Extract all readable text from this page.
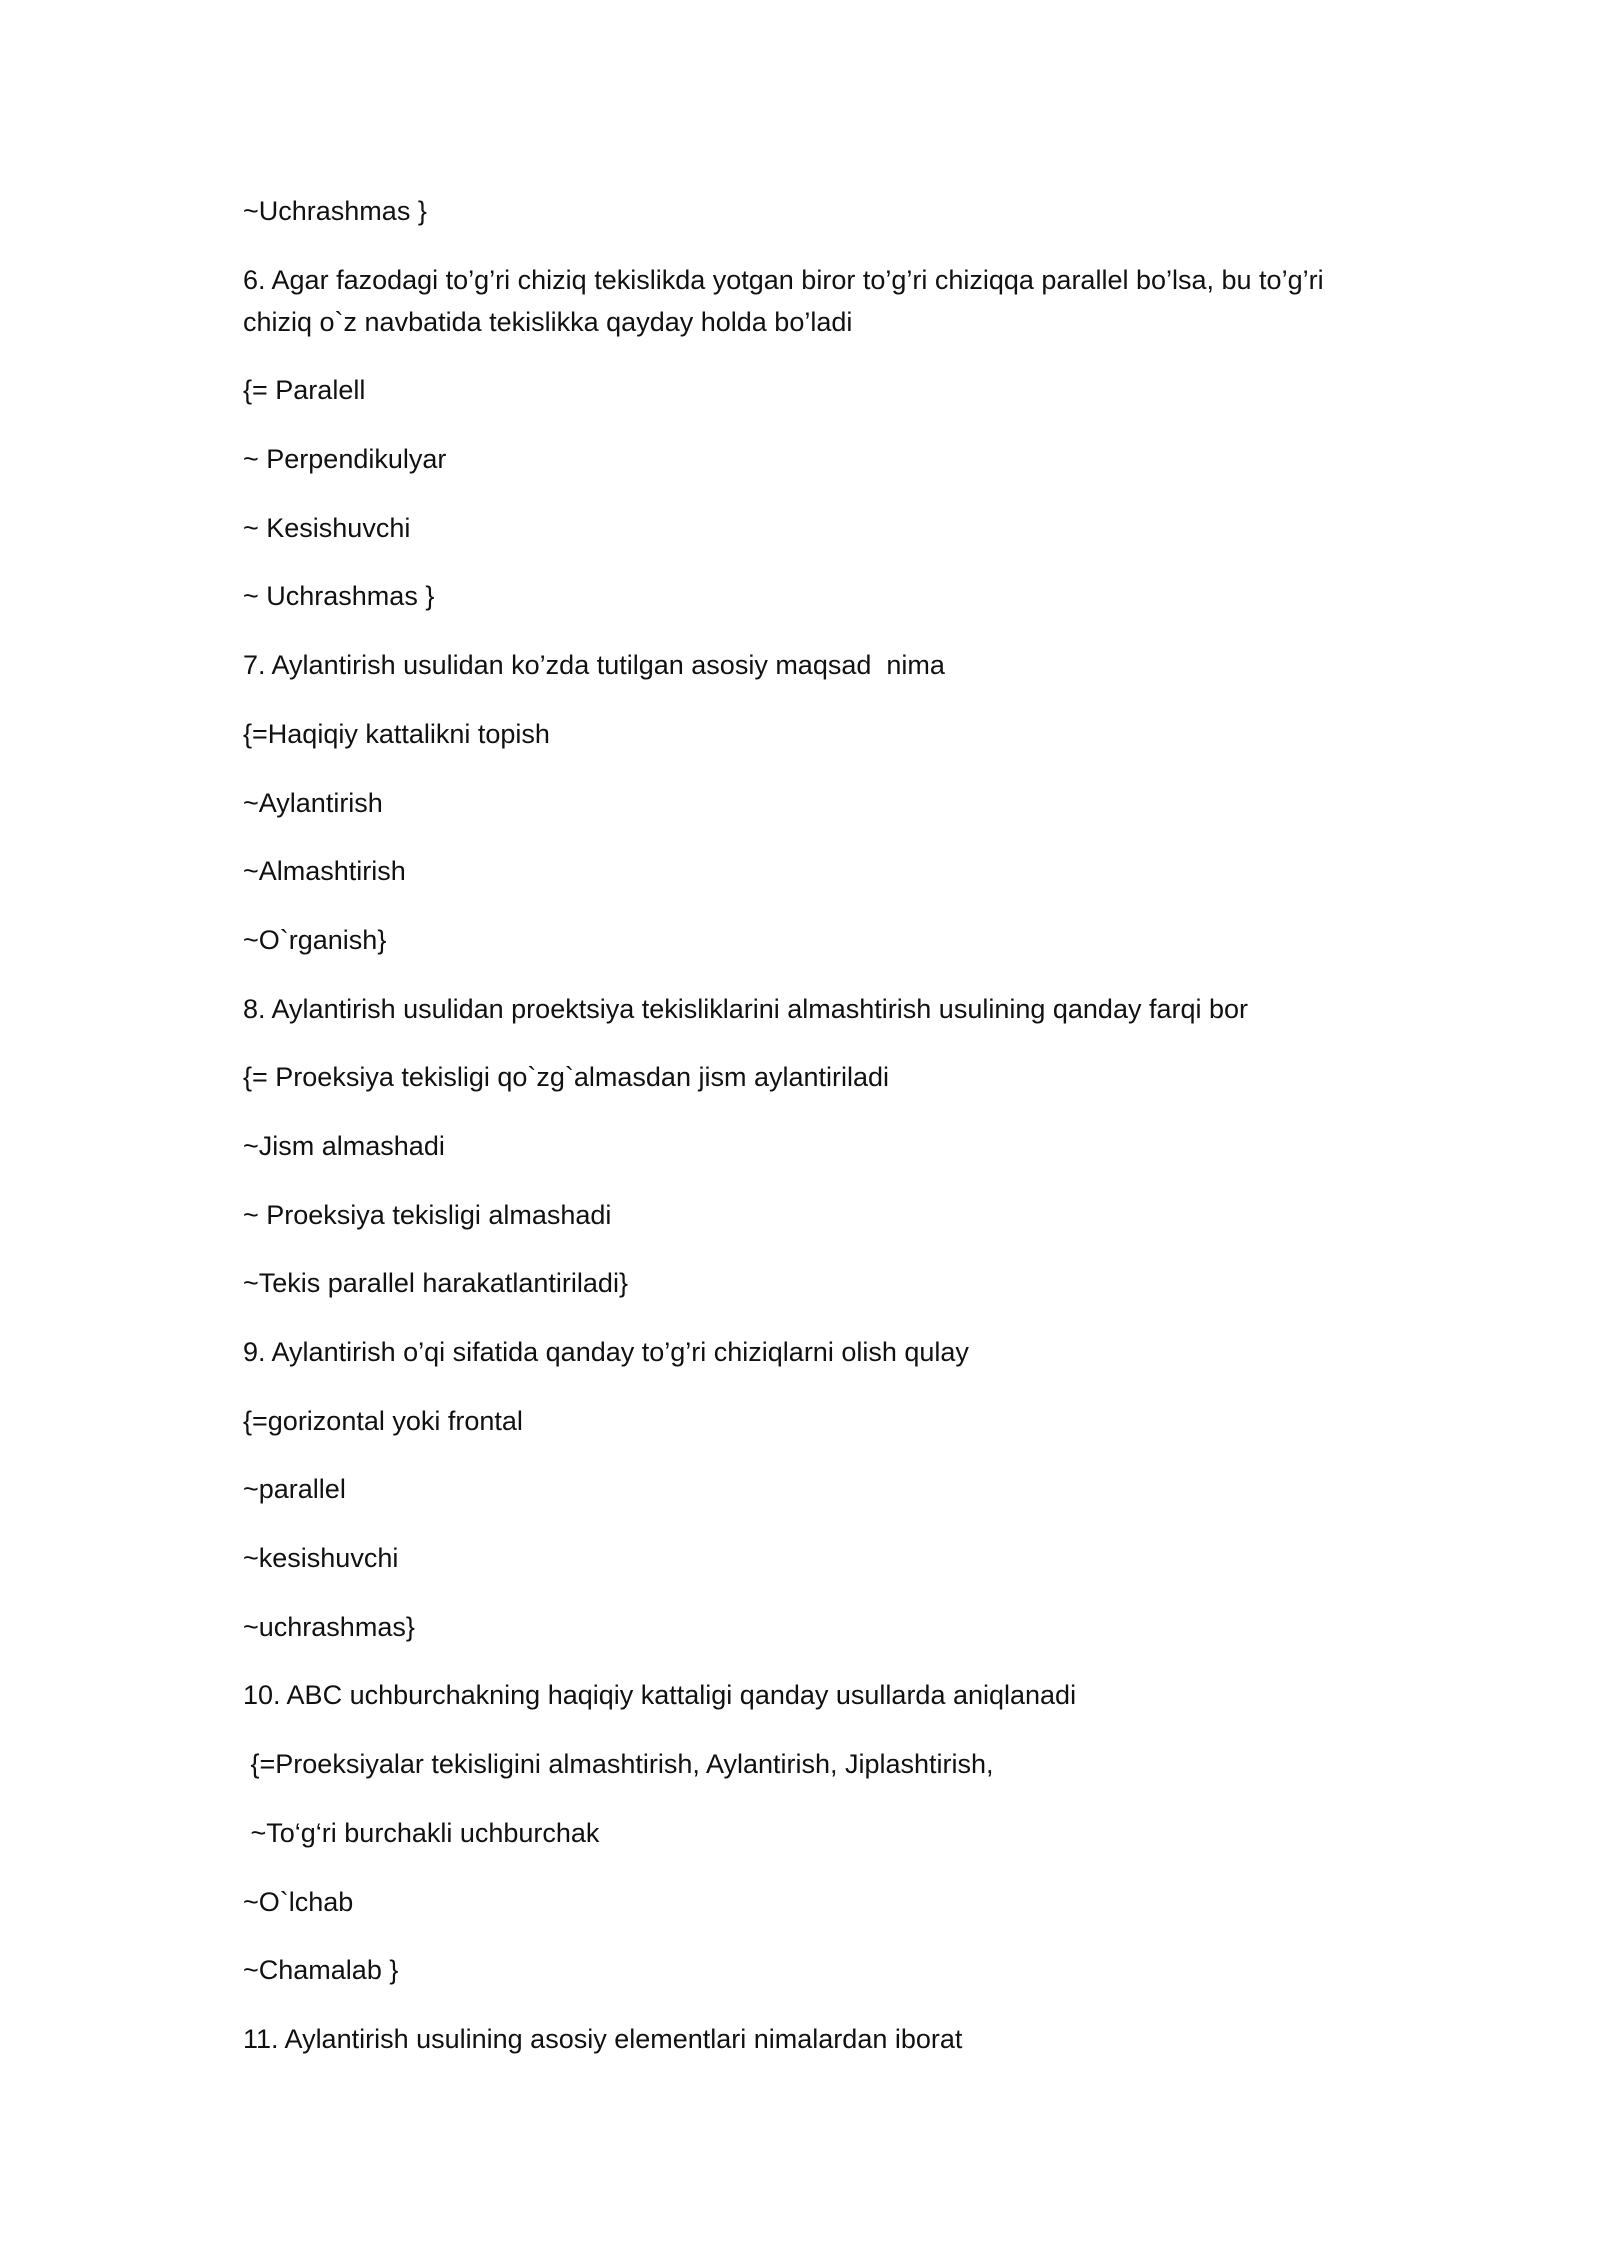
~Uchrashmas }
6. Agar fazodagi to’g’ri chiziq tekislikda yotgan biror to’g’ri chiziqqa parallel bo’lsa, bu to’g’ri chiziq o`z navbatida tekislikka qayday holda bo’ladi
{= Paralell
~ Perpendikulyar
~ Kesishuvchi
~ Uchrashmas }
7. Aylantirish usulidan ko’zda tutilgan asosiy maqsad  nima
{=Haqiqiy kattalikni topish
~Aylantirish
~Almashtirish
~O`rganish}
8. Aylantirish usulidan proektsiya tekisliklarini almashtirish usulining qanday farqi bor
{= Proeksiya tekisligi qo`zg`almasdan jism aylantiriladi
~Jism almashadi
~ Proeksiya tekisligi almashadi
~Tekis parallel harakatlantiriladi}
9. Aylantirish o’qi sifatida qanday to’g’ri chiziqlarni olish qulay
{=gorizontal yoki frontal
~parallel
~kesishuvchi
~uchrashmas}
10. ABC uchburchakning haqiqiy kattaligi qanday usullarda aniqlanadi
{=Proeksiyalar tekisligini almashtirish, Aylantirish, Jiplashtirish,
~To‘g‘ri burchakli uchburchak
~O`lchab
~Chamalab }
11. Aylantirish usulining asosiy elementlari nimalardan iborat
